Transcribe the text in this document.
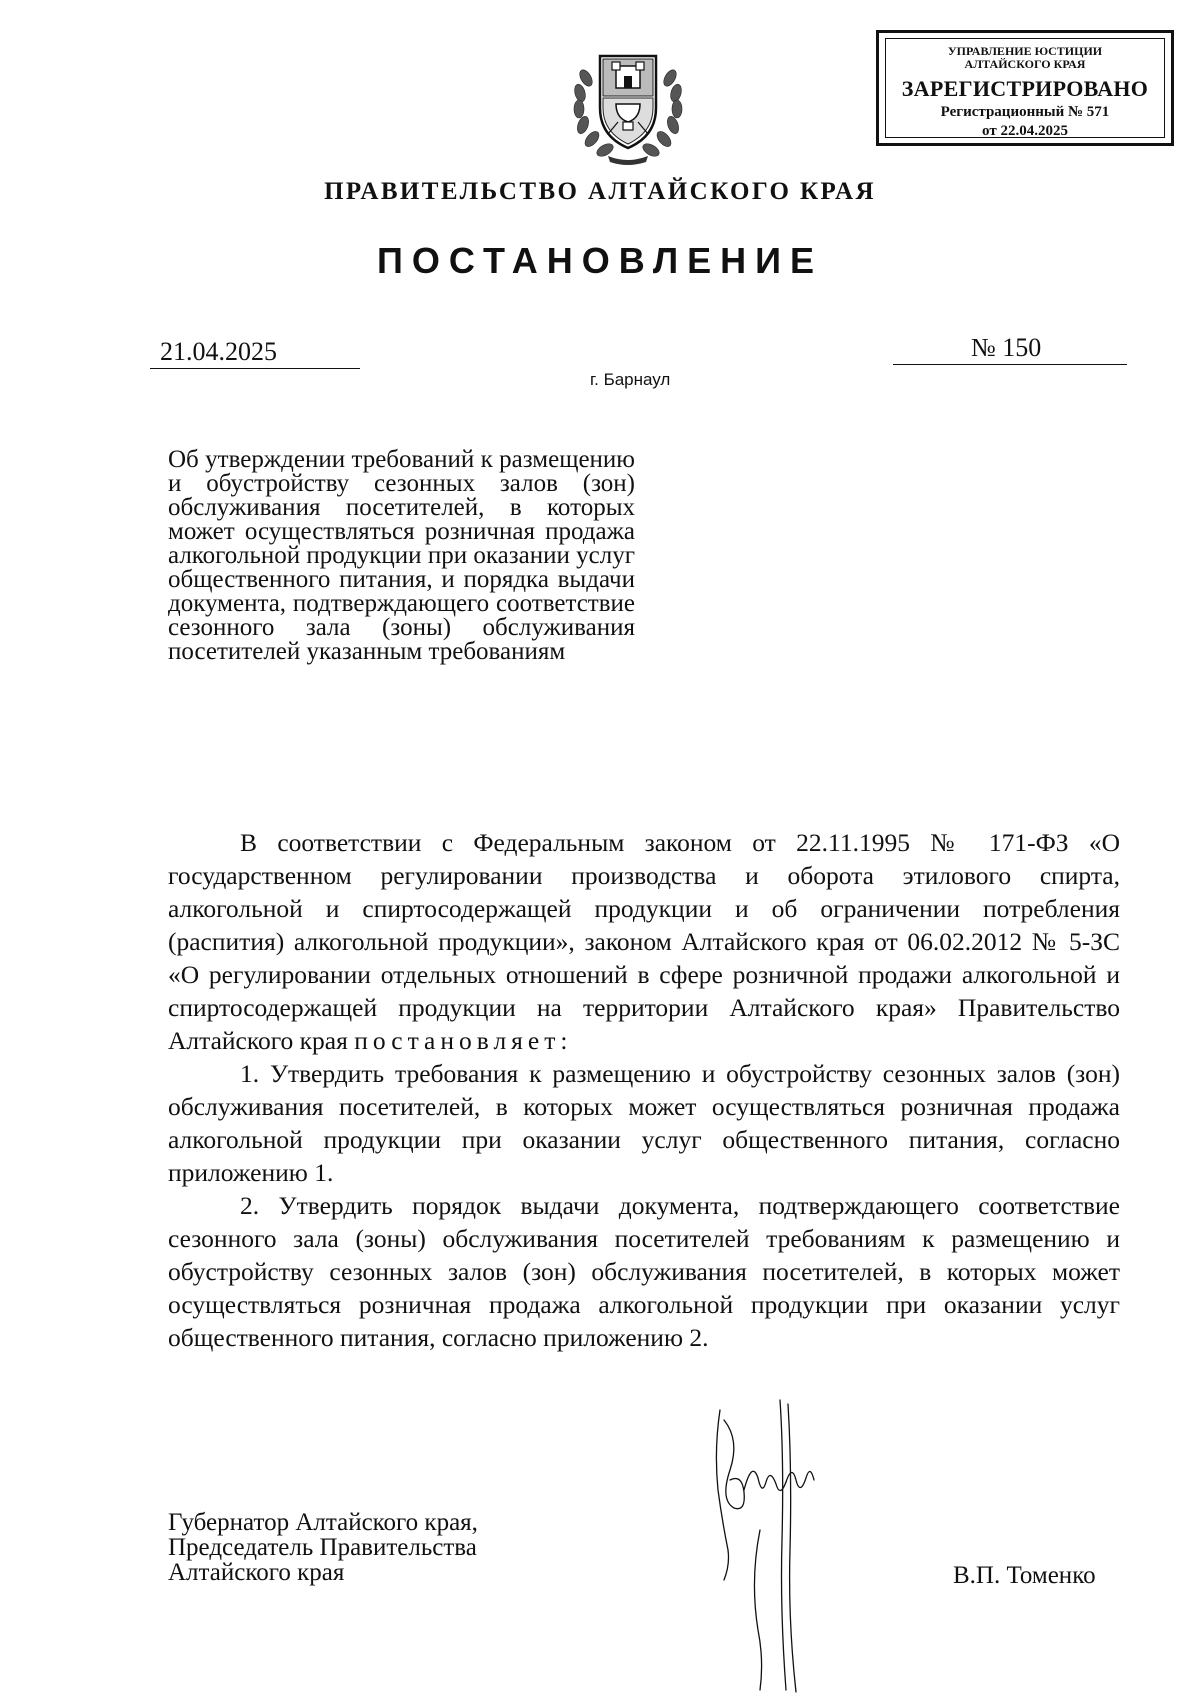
УПРАВЛЕНИЕ ЮСТИЦИИ
АЛТАЙСКОГО КРАЯ
ЗАРЕГИСТРИРОВАНО
Регистрационный № 571
от 22.04.2025
ПРАВИТЕЛЬСТВО АЛТАЙСКОГО КРАЯ
ПОСТАНОВЛЕНИЕ
21.04.2025	№ 150
г. Барнаул
Об утверждении требований к размещению и обустройству сезонных залов (зон) обслуживания посетителей, в которых может осуществляться розничная продажа алкогольной продукции при оказании услуг общественного питания, и порядка выдачи документа, подтверждающего соответствие сезонного зала (зоны) обслуживания посетителей указанным требованиям

В соответствии с Федеральным законом от 22.11.1995 № 171-ФЗ «О государственном регулировании производства и оборота этилового спирта, алкогольной и спиртосодержащей продукции и об ограничении потребления (распития) алкогольной продукции», законом Алтайского края от 06.02.2012 № 5-ЗС «О регулировании отдельных отношений в сфере розничной продажи алкогольной и спиртосодержащей продукции на территории Алтайского края» Правительство Алтайского края постановляет:

1. Утвердить требования к размещению и обустройству сезонных залов (зон) обслуживания посетителей, в которых может осуществляться розничная продажа алкогольной продукции при оказании услуг общественного питания, согласно приложению 1.

2. Утвердить порядок выдачи документа, подтверждающего соответствие сезонного зала (зоны) обслуживания посетителей требованиям к размещению и обустройству сезонных залов (зон) обслуживания посетителей, в которых может осуществляться розничная продажа алкогольной продукции при оказании услуг общественного питания, согласно приложению 2.

Губернатор Алтайского края,
Председатель Правительства
Алтайского края	В.П. Томенко
